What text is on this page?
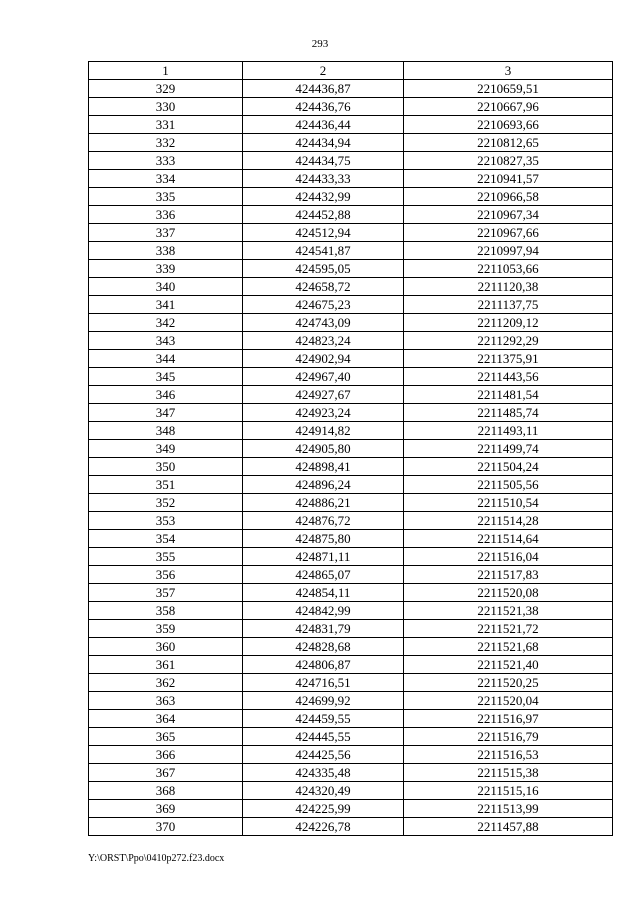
293
1	2	3
329	424436,87	2210659,51
330	424436,76	2210667,96
331	424436,44	2210693,66
332	424434,94	2210812,65
333	424434,75	2210827,35
334	424433,33	2210941,57
335	424432,99	2210966,58
336	424452,88	2210967,34
337	424512,94	2210967,66
338	424541,87	2210997,94
339	424595,05	2211053,66
340	424658,72	2211120,38
341	424675,23	2211137,75
342	424743,09	2211209,12
343	424823,24	2211292,29
344	424902,94	2211375,91
345	424967,40	2211443,56
346	424927,67	2211481,54
347	424923,24	2211485,74
348	424914,82	2211493,11
349	424905,80	2211499,74
350	424898,41	2211504,24
351	424896,24	2211505,56
352	424886,21	2211510,54
353	424876,72	2211514,28
354	424875,80	2211514,64
355	424871,11	2211516,04
356	424865,07	2211517,83
357	424854,11	2211520,08
358	424842,99	2211521,38
359	424831,79	2211521,72
360	424828,68	2211521,68
361	424806,87	2211521,40
362	424716,51	2211520,25
363	424699,92	2211520,04
364	424459,55	2211516,97
365	424445,55	2211516,79
366	424425,56	2211516,53
367	424335,48	2211515,38
368	424320,49	2211515,16
369	424225,99	2211513,99
370	424226,78	2211457,88
Y:\ORST\Ppo\0410p272.f23.docx
